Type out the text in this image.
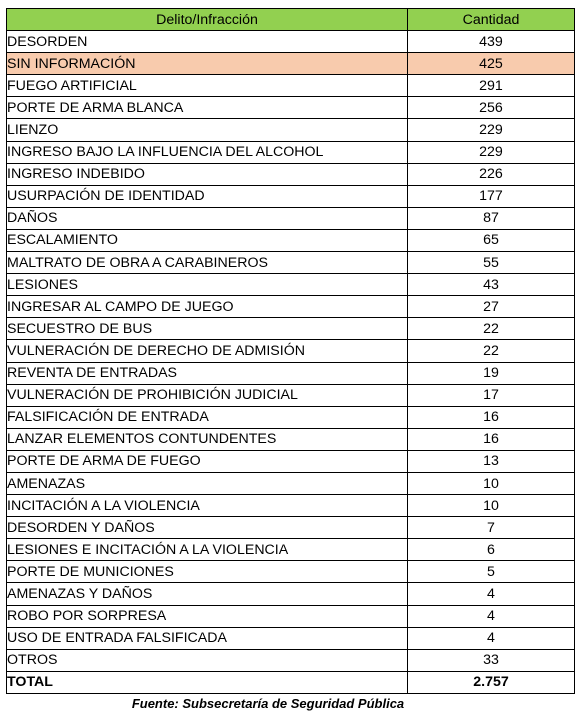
Delito/Infracción	Cantidad
DESORDEN	439
SIN INFORMACIÓN	425
FUEGO ARTIFICIAL	291
PORTE DE ARMA BLANCA	256
LIENZO	229
INGRESO BAJO LA INFLUENCIA DEL ALCOHOL	229
INGRESO INDEBIDO	226
USURPACIÓN DE IDENTIDAD	177
DAÑOS	87
ESCALAMIENTO	65
MALTRATO DE OBRA A CARABINEROS	55
LESIONES	43
INGRESAR AL CAMPO DE JUEGO	27
SECUESTRO DE BUS	22
VULNERACIÓN DE DERECHO DE ADMISIÓN	22
REVENTA DE ENTRADAS	19
VULNERACIÓN DE PROHIBICIÓN JUDICIAL	17
FALSIFICACIÓN DE ENTRADA	16
LANZAR ELEMENTOS CONTUNDENTES	16
PORTE DE ARMA DE FUEGO	13
AMENAZAS	10
INCITACIÓN A LA VIOLENCIA	10
DESORDEN Y DAÑOS	7
LESIONES E INCITACIÓN A LA VIOLENCIA	6
PORTE DE MUNICIONES	5
AMENAZAS Y DAÑOS	4
ROBO POR SORPRESA	4
USO DE ENTRADA FALSIFICADA	4
OTROS	33
TOTAL	2.757
Fuente: Subsecretaría de Seguridad Pública
